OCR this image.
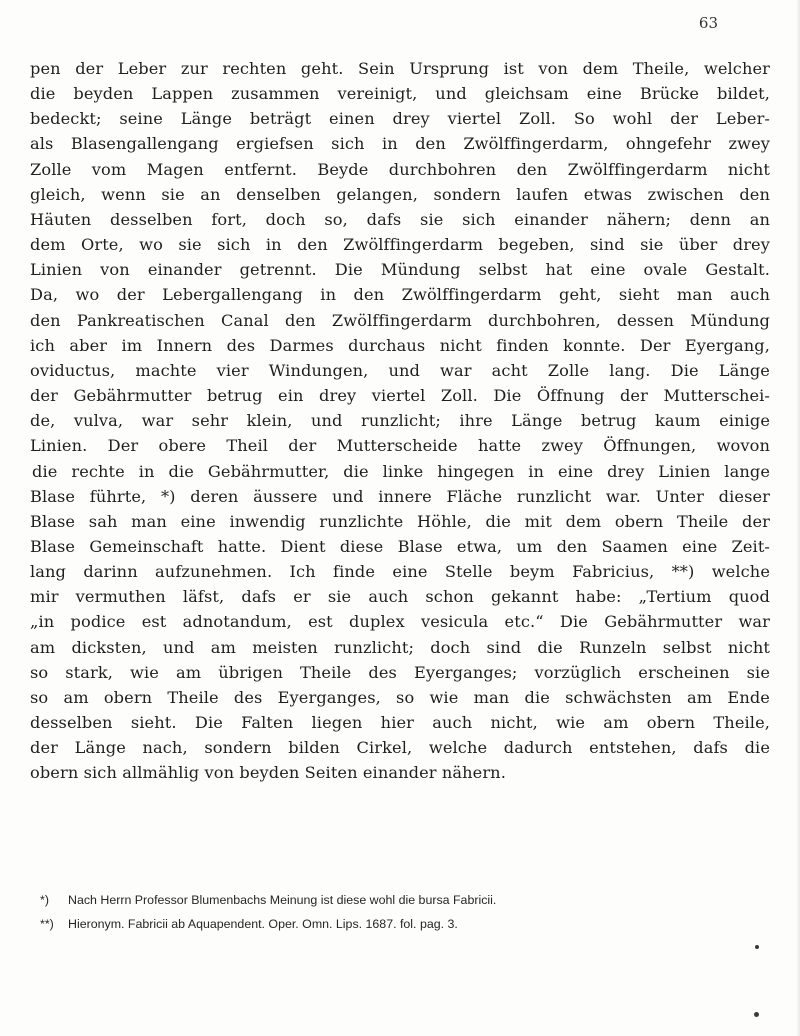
63
pen der Leber zur rechten geht. Sein Ursprung ist von dem Theile, welcher
die beyden Lappen zusammen vereinigt, und gleichsam eine Brücke bildet,
bedeckt; seine Länge beträgt einen drey viertel Zoll. So wohl der Leber-
als Blasengallengang ergiefsen sich in den Zwölffingerdarm, ohngefehr zwey
Zolle vom Magen entfernt. Beyde durchbohren den Zwölffingerdarm nicht
gleich, wenn sie an denselben gelangen, sondern laufen etwas zwischen den
Häuten desselben fort, doch so, dafs sie sich einander nähern; denn an
dem Orte, wo sie sich in den Zwölffingerdarm begeben, sind sie über drey
Linien von einander getrennt. Die Mündung selbst hat eine ovale Gestalt.
Da, wo der Lebergallengang in den Zwölffingerdarm geht, sieht man auch
den Pankreatischen Canal den Zwölffingerdarm durchbohren, dessen Mündung
ich aber im Innern des Darmes durchaus nicht finden konnte. Der Eyergang,
oviductus, machte vier Windungen, und war acht Zolle lang. Die Länge
der Gebährmutter betrug ein drey viertel Zoll. Die Öffnung der Mutterschei-
de, vulva, war sehr klein, und runzlicht; ihre Länge betrug kaum einige
Linien. Der obere Theil der Mutterscheide hatte zwey Öffnungen, wovon
die rechte in die Gebährmutter, die linke hingegen in eine drey Linien lange
Blase führte, *) deren äussere und innere Fläche runzlicht war. Unter dieser
Blase sah man eine inwendig runzlichte Höhle, die mit dem obern Theile der
Blase Gemeinschaft hatte. Dient diese Blase etwa, um den Saamen eine Zeit-
lang darinn aufzunehmen. Ich finde eine Stelle beym Fabricius, **) welche
mir vermuthen läfst, dafs er sie auch schon gekannt habe: „Tertium quod
„in podice est adnotandum, est duplex vesicula etc.“ Die Gebährmutter war
am dicksten, und am meisten runzlicht; doch sind die Runzeln selbst nicht
so stark, wie am übrigen Theile des Eyerganges; vorzüglich erscheinen sie
so am obern Theile des Eyerganges, so wie man die schwächsten am Ende
desselben sieht. Die Falten liegen hier auch nicht, wie am obern Theile,
der Länge nach, sondern bilden Cirkel, welche dadurch entstehen, dafs die
obern sich allmählig von beyden Seiten einander nähern.
*) Nach Herrn Professor Blumenbachs Meinung ist diese wohl die bursa Fabricii.
**) Hieronym. Fabricii ab Aquapendent. Oper. Omn. Lips. 1687. fol. pag. 3.
